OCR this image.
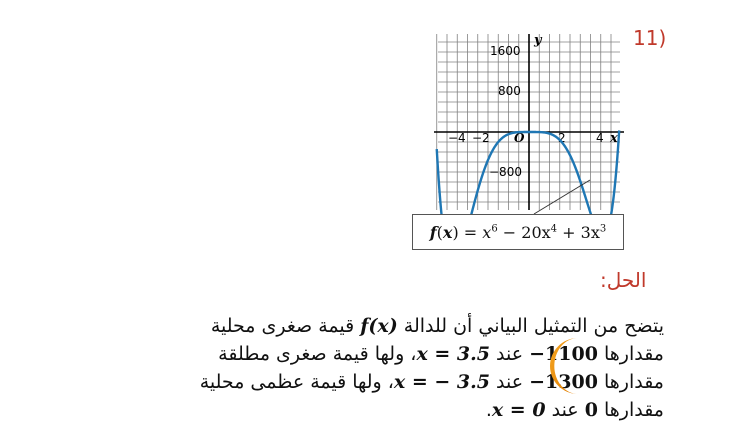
11)
−4 −2	2	4
O
1600
800
−800
y
x
$f(x) = x^6 - 20x^4 + 3x^3$
الحل:
يتضح من التمثيل البياني أن للدالة f(x) قيمة صغرى محلية
مقدارها −1100 عند x = 3.5، ولها قيمة صغرى مطلقة
مقدارها −1300 عند x = − 3.5، ولها قيمة عظمى محلية
مقدارها 0 عند x = 0.
